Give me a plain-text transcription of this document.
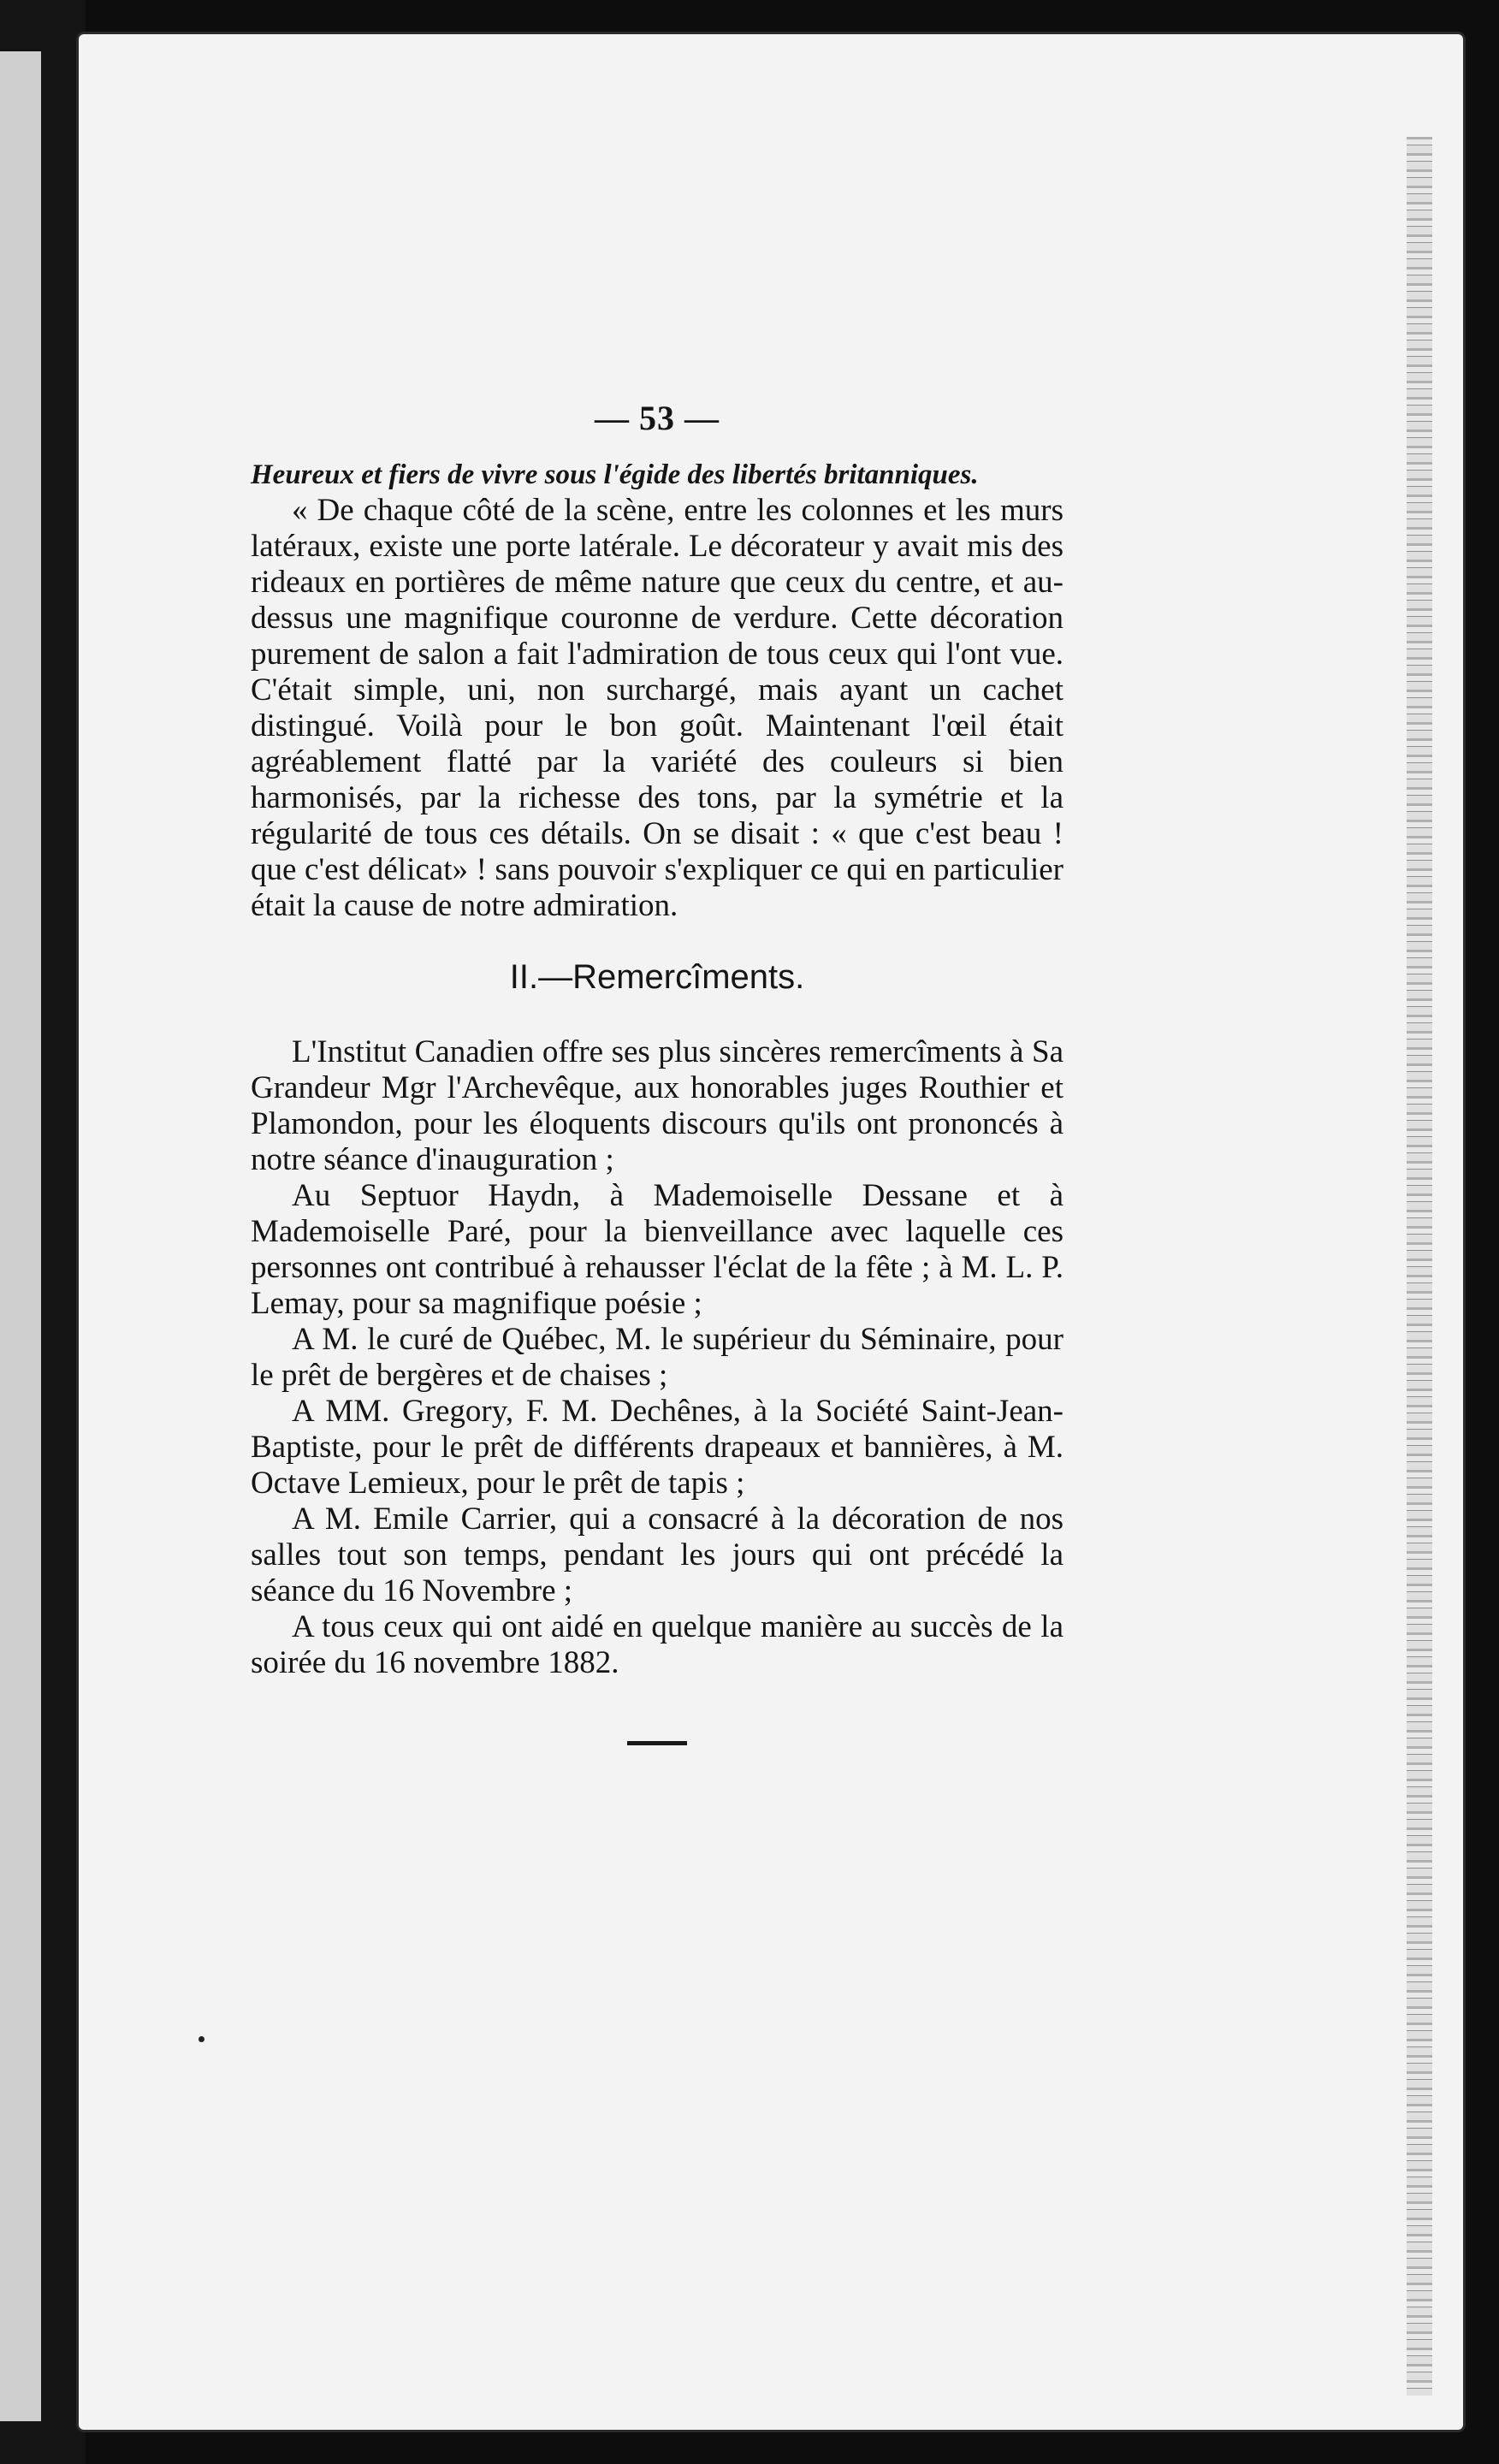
— 53 —

Heureux et fiers de vivre sous l'égide des libertés britanniques.

« De chaque côté de la scène, entre les colonnes et les murs latéraux, existe une porte latérale. Le décorateur y avait mis des rideaux en portières de même nature que ceux du centre, et au-dessus une magnifique couronne de verdure. Cette décoration purement de salon a fait l'admiration de tous ceux qui l'ont vue. C'était simple, uni, non surchargé, mais ayant un cachet distingué. Voilà pour le bon goût. Maintenant l'œil était agréablement flatté par la variété des couleurs si bien harmonisés, par la richesse des tons, par la symétrie et la régularité de tous ces détails. On se disait : « que c'est beau ! que c'est délicat» ! sans pouvoir s'expliquer ce qui en particulier était la cause de notre admiration.

II.—Remercîments.

L'Institut Canadien offre ses plus sincères remercîments à Sa Grandeur Mgr l'Archevêque, aux honorables juges Routhier et Plamondon, pour les éloquents discours qu'ils ont prononcés à notre séance d'inauguration ;

Au Septuor Haydn, à Mademoiselle Dessane et à Mademoiselle Paré, pour la bienveillance avec laquelle ces personnes ont contribué à rehausser l'éclat de la fête ; à M. L. P. Lemay, pour sa magnifique poésie ;

A M. le curé de Québec, M. le supérieur du Séminaire, pour le prêt de bergères et de chaises ;

A MM. Gregory, F. M. Dechênes, à la Société Saint-Jean-Baptiste, pour le prêt de différents drapeaux et bannières, à M. Octave Lemieux, pour le prêt de tapis ;

A M. Emile Carrier, qui a consacré à la décoration de nos salles tout son temps, pendant les jours qui ont précédé la séance du 16 Novembre ;

A tous ceux qui ont aidé en quelque manière au succès de la soirée du 16 novembre 1882.
